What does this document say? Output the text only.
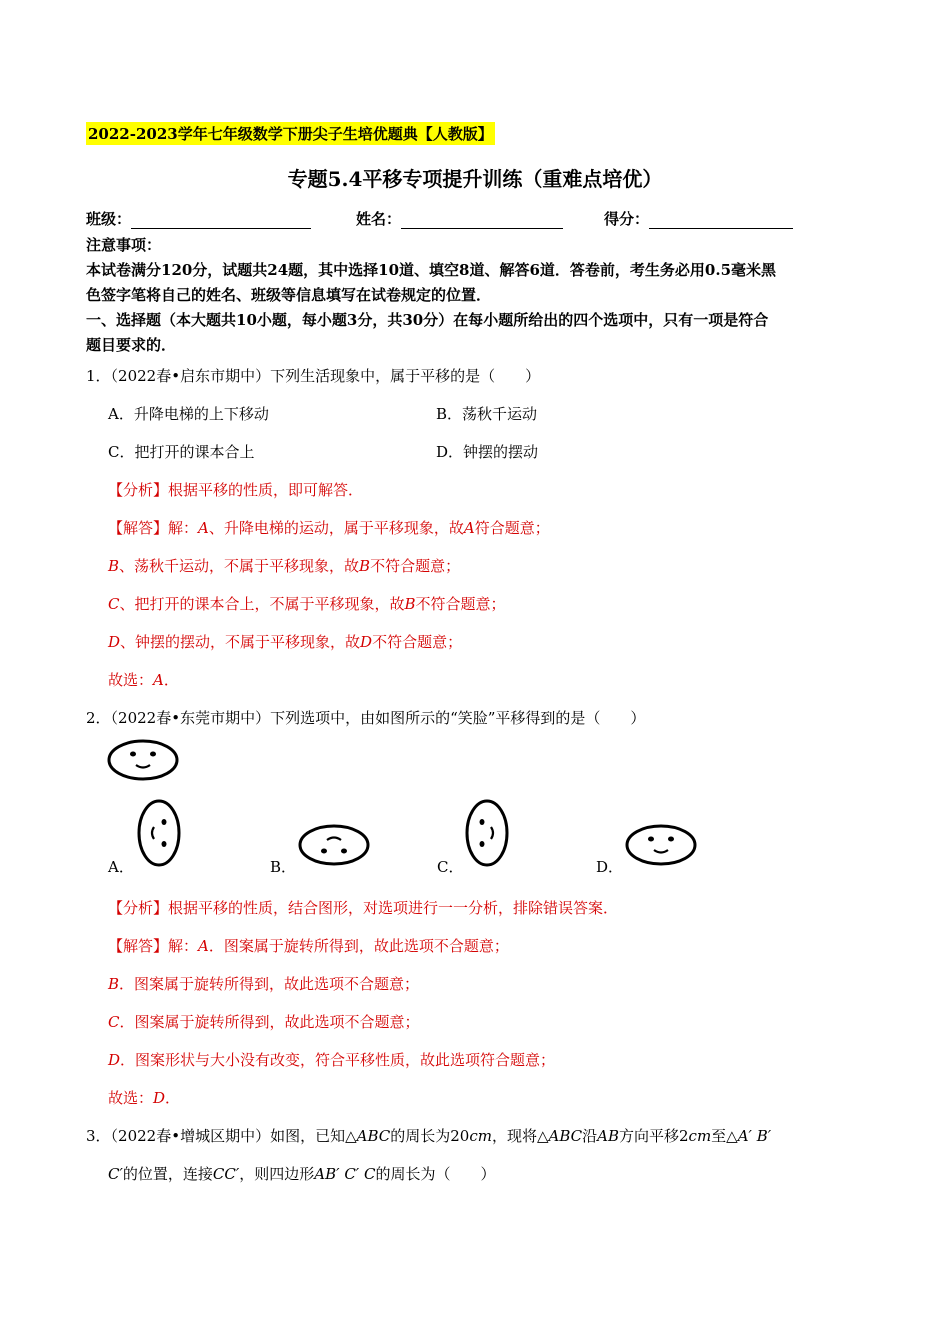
2022-2023学年七年级数学下册尖子生培优题典【人教版】
专题5.4平移专项提升训练（重难点培优）
班级：	姓名：	得分：
注意事项：
本试卷满分120分，试题共24题，其中选择10道、填空8道、解答6道．答卷前，考生务必用0.5毫米黑
色签字笔将自己的姓名、班级等信息填写在试卷规定的位置．
一、选择题（本大题共10小题，每小题3分，共30分）在每小题所给出的四个选项中，只有一项是符合
题目要求的．
1．（2022春•启东市期中）下列生活现象中，属于平移的是（　　）
A．升降电梯的上下移动	B．荡秋千运动
C．把打开的课本合上	D．钟摆的摆动
【分析】根据平移的性质，即可解答．
【解答】解：A、升降电梯的运动，属于平移现象，故A符合题意；
B、荡秋千运动，不属于平移现象，故B不符合题意；
C、把打开的课本合上，不属于平移现象，故B不符合题意；
D、钟摆的摆动，不属于平移现象，故D不符合题意；
故选：A．
2．（2022春•东莞市期中）下列选项中，由如图所示的“笑脸”平移得到的是（　　）
A．	B．	C．	D．
【分析】根据平移的性质，结合图形，对选项进行一一分析，排除错误答案．
【解答】解：A．图案属于旋转所得到，故此选项不合题意；
B．图案属于旋转所得到，故此选项不合题意；
C．图案属于旋转所得到，故此选项不合题意；
D．图案形状与大小没有改变，符合平移性质，故此选项符合题意；
故选：D．
3．（2022春•增城区期中）如图，已知△ABC的周长为20cm，现将△ABC沿AB方向平移2cm至△A′ B′
C′的位置，连接CC′，则四边形AB′ C′ C的周长为（　　）
